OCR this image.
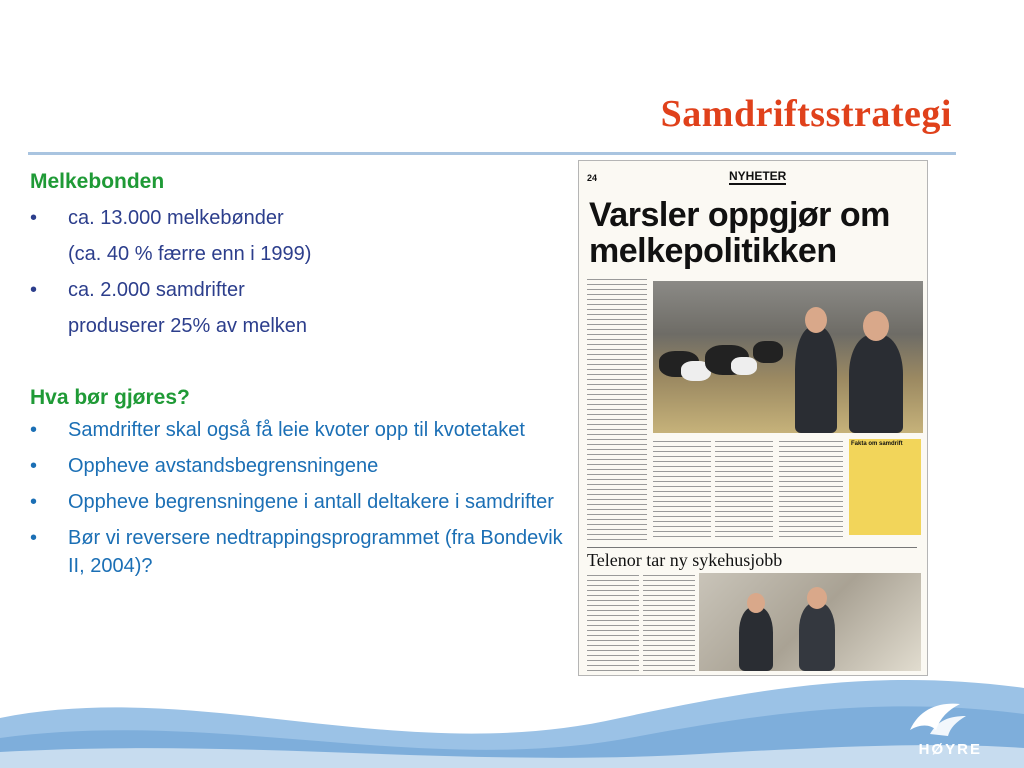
Samdriftsstrategi
Melkebonden
• ca. 13.000 melkebønder
(ca. 40 % færre enn i 1999)
• ca. 2.000 samdrifter
produserer 25% av melken
Hva bør gjøres?
• Samdrifter skal også få leie kvoter opp til kvotetaket
• Oppheve avstandsbegrensningene
• Oppheve begrensningene i antall deltakere i samdrifter
• Bør vi reversere nedtrappingsprogrammet (fra Bondevik II, 2004)?
24	NYHETER
Varsler oppgjør om melkepolitikken
Fakta om samdrift
Telenor tar ny sykehusjobb
HØYRE
